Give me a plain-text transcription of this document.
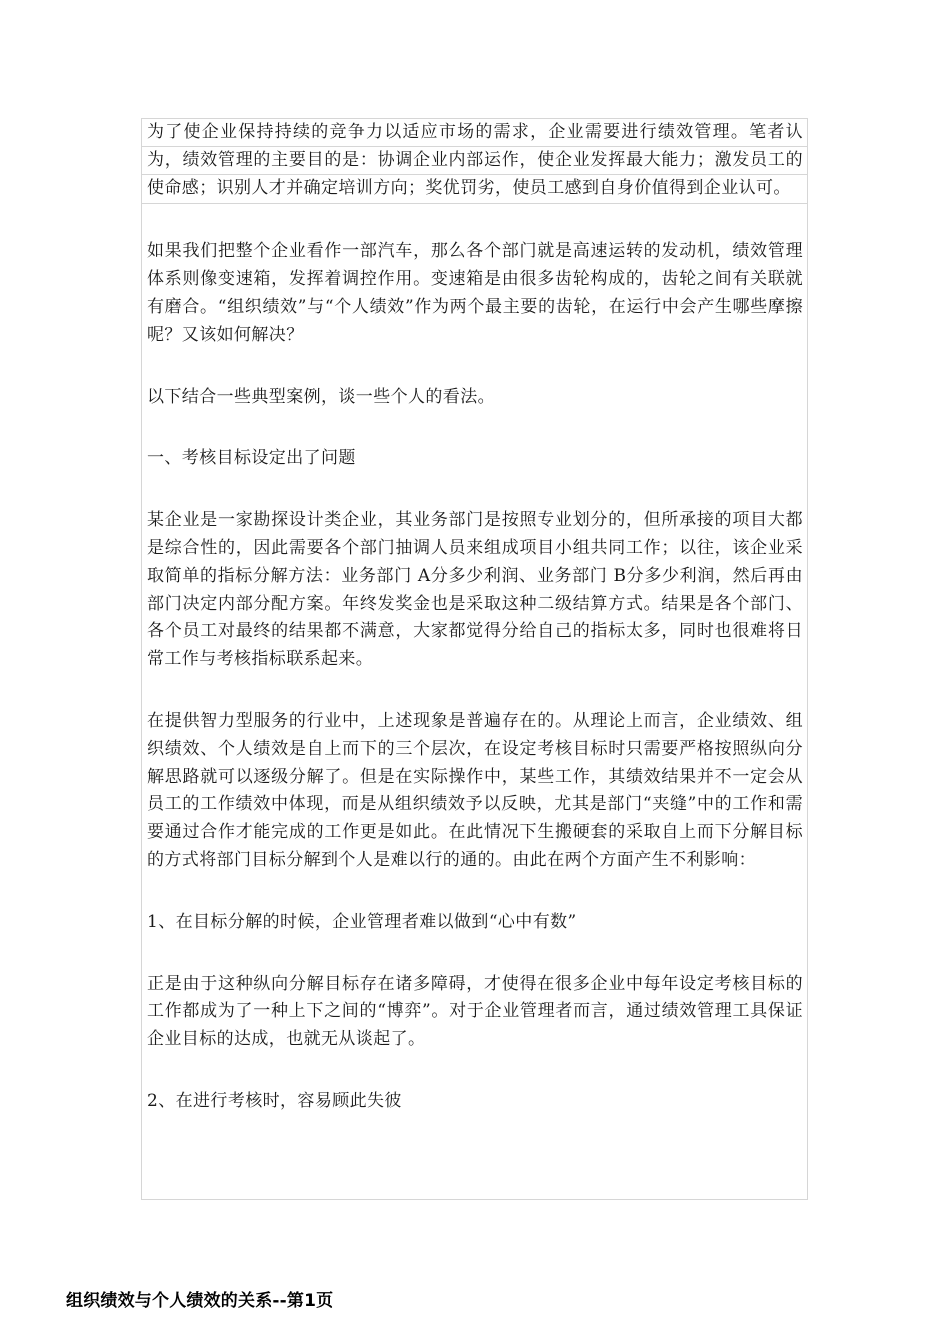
为了使企业保持持续的竞争力以适应市场的需求，企业需要进行绩效管理。笔者认为，绩效管理的主要目的是：协调企业内部运作，使企业发挥最大能力；激发员工的使命感；识别人才并确定培训方向；奖优罚劣，使员工感到自身价值得到企业认可。

如果我们把整个企业看作一部汽车，那么各个部门就是高速运转的发动机，绩效管理体系则像变速箱，发挥着调控作用。变速箱是由很多齿轮构成的，齿轮之间有关联就有磨合。“组织绩效”与“个人绩效”作为两个最主要的齿轮，在运行中会产生哪些摩擦呢？又该如何解决？

以下结合一些典型案例，谈一些个人的看法。

一、考核目标设定出了问题

某企业是一家勘探设计类企业，其业务部门是按照专业划分的，但所承接的项目大都是综合性的，因此需要各个部门抽调人员来组成项目小组共同工作；以往，该企业采取简单的指标分解方法：业务部门 A分多少利润、业务部门 B分多少利润，然后再由部门决定内部分配方案。年终发奖金也是采取这种二级结算方式。结果是各个部门、各个员工对最终的结果都不满意，大家都觉得分给自己的指标太多，同时也很难将日常工作与考核指标联系起来。

在提供智力型服务的行业中，上述现象是普遍存在的。从理论上而言，企业绩效、组织绩效、个人绩效是自上而下的三个层次，在设定考核目标时只需要严格按照纵向分解思路就可以逐级分解了。但是在实际操作中，某些工作，其绩效结果并不一定会从员工的工作绩效中体现，而是从组织绩效予以反映，尤其是部门“夹缝”中的工作和需要通过合作才能完成的工作更是如此。在此情况下生搬硬套的采取自上而下分解目标的方式将部门目标分解到个人是难以行的通的。由此在两个方面产生不利影响：

1、在目标分解的时候，企业管理者难以做到“心中有数”

正是由于这种纵向分解目标存在诸多障碍，才使得在很多企业中每年设定考核目标的工作都成为了一种上下之间的“博弈”。对于企业管理者而言，通过绩效管理工具保证企业目标的达成，也就无从谈起了。

2、在进行考核时，容易顾此失彼

组织绩效与个人绩效的关系--第1页
